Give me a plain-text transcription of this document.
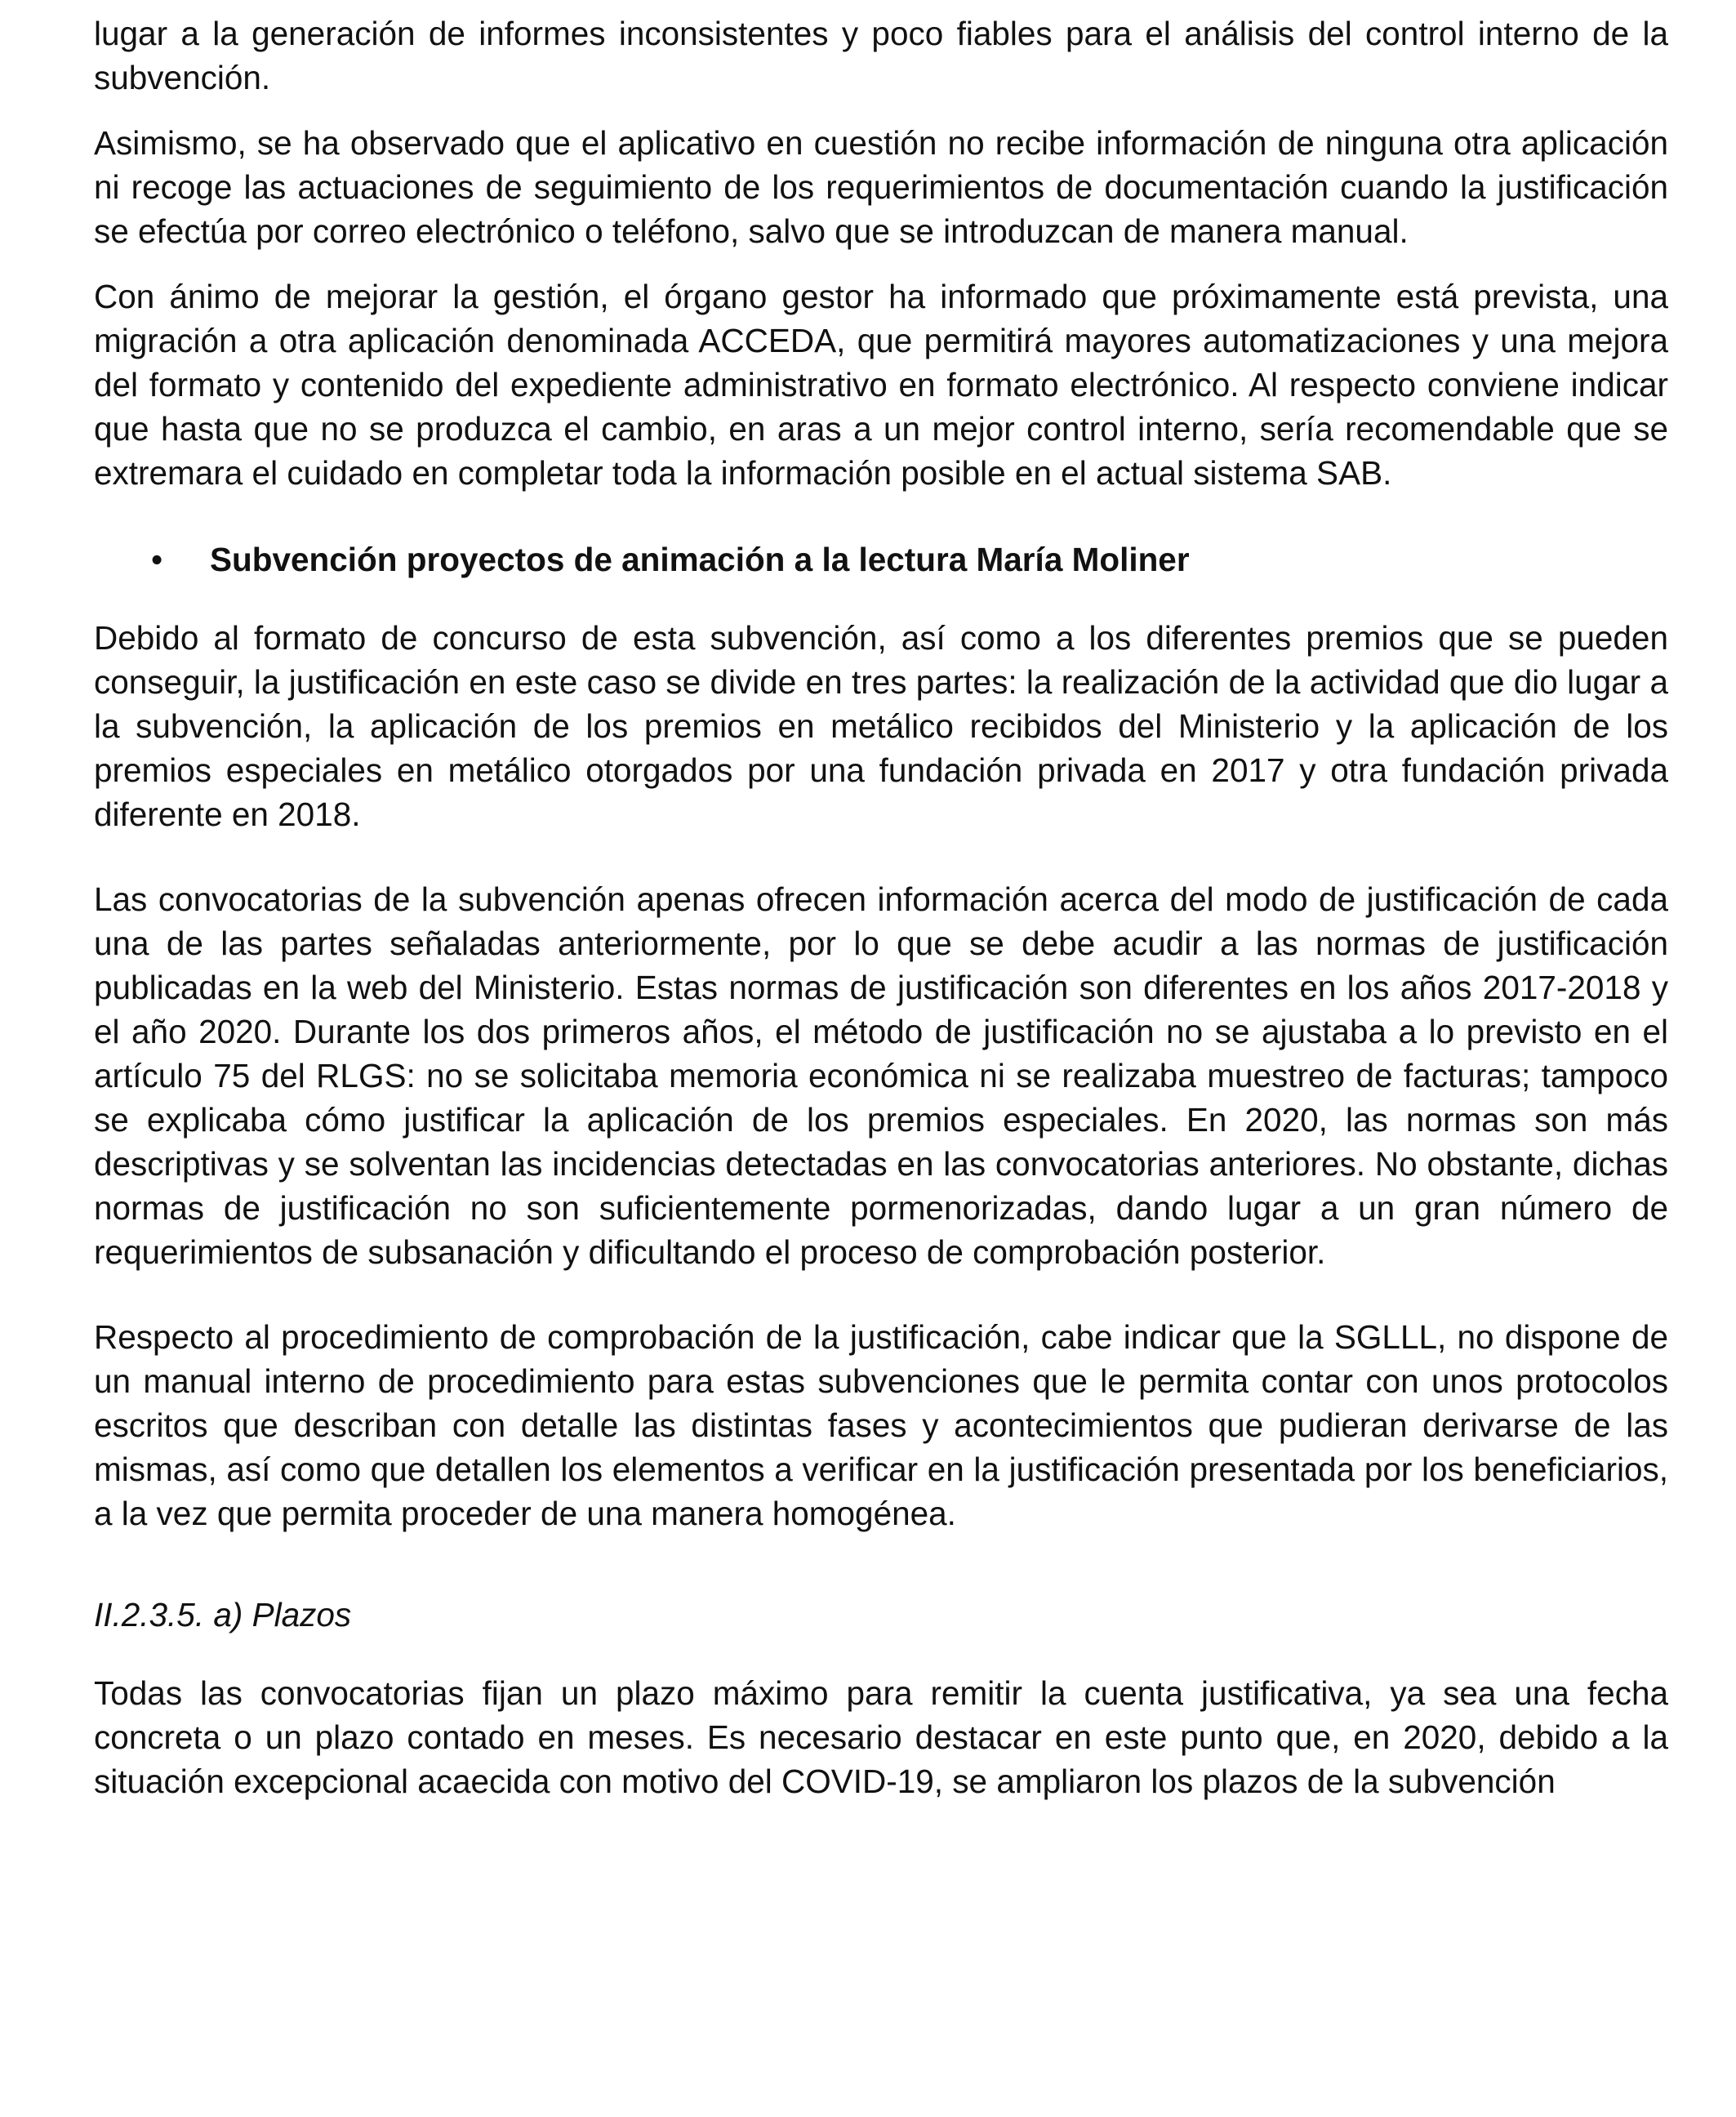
lugar a la generación de informes inconsistentes y poco fiables para el análisis del control interno de la subvención.

Asimismo, se ha observado que el aplicativo en cuestión no recibe información de ninguna otra aplicación ni recoge las actuaciones de seguimiento de los requerimientos de documentación cuando la justificación se efectúa por correo electrónico o teléfono, salvo que se introduzcan de manera manual.

Con ánimo de mejorar la gestión, el órgano gestor ha informado que próximamente está prevista, una migración a otra aplicación denominada ACCEDA, que permitirá mayores automatizaciones y una mejora del formato y contenido del expediente administrativo en formato electrónico. Al respecto conviene indicar que hasta que no se produzca el cambio, en aras a un mejor control interno, sería recomendable que se extremara el cuidado en completar toda la información posible en el actual sistema SAB.

•	Subvención proyectos de animación a la lectura María Moliner

Debido al formato de concurso de esta subvención, así como a los diferentes premios que se pueden conseguir, la justificación en este caso se divide en tres partes: la realización de la actividad que dio lugar a la subvención, la aplicación de los premios en metálico recibidos del Ministerio y la aplicación de los premios especiales en metálico otorgados por una fundación privada en 2017 y otra fundación privada diferente en 2018.

Las convocatorias de la subvención apenas ofrecen información acerca del modo de justificación de cada una de las partes señaladas anteriormente, por lo que se debe acudir a las normas de justificación publicadas en la web del Ministerio. Estas normas de justificación son diferentes en los años 2017-2018 y el año 2020. Durante los dos primeros años, el método de justificación no se ajustaba a lo previsto en el artículo 75 del RLGS: no se solicitaba memoria económica ni se realizaba muestreo de facturas; tampoco se explicaba cómo justificar la aplicación de los premios especiales. En 2020, las normas son más descriptivas y se solventan las incidencias detectadas en las convocatorias anteriores. No obstante, dichas normas de justificación no son suficientemente pormenorizadas, dando lugar a un gran número de requerimientos de subsanación y dificultando el proceso de comprobación posterior.

Respecto al procedimiento de comprobación de la justificación, cabe indicar que la SGLLL, no dispone de un manual interno de procedimiento para estas subvenciones que le permita contar con unos protocolos escritos que describan con detalle las distintas fases y acontecimientos que pudieran derivarse de las mismas, así como que detallen los elementos a verificar en la justificación presentada por los beneficiarios, a la vez que permita proceder de una manera homogénea.

II.2.3.5. a) Plazos

Todas las convocatorias fijan un plazo máximo para remitir la cuenta justificativa, ya sea una fecha concreta o un plazo contado en meses. Es necesario destacar en este punto que, en 2020, debido a la situación excepcional acaecida con motivo del COVID-19, se ampliaron los plazos de la subvención
